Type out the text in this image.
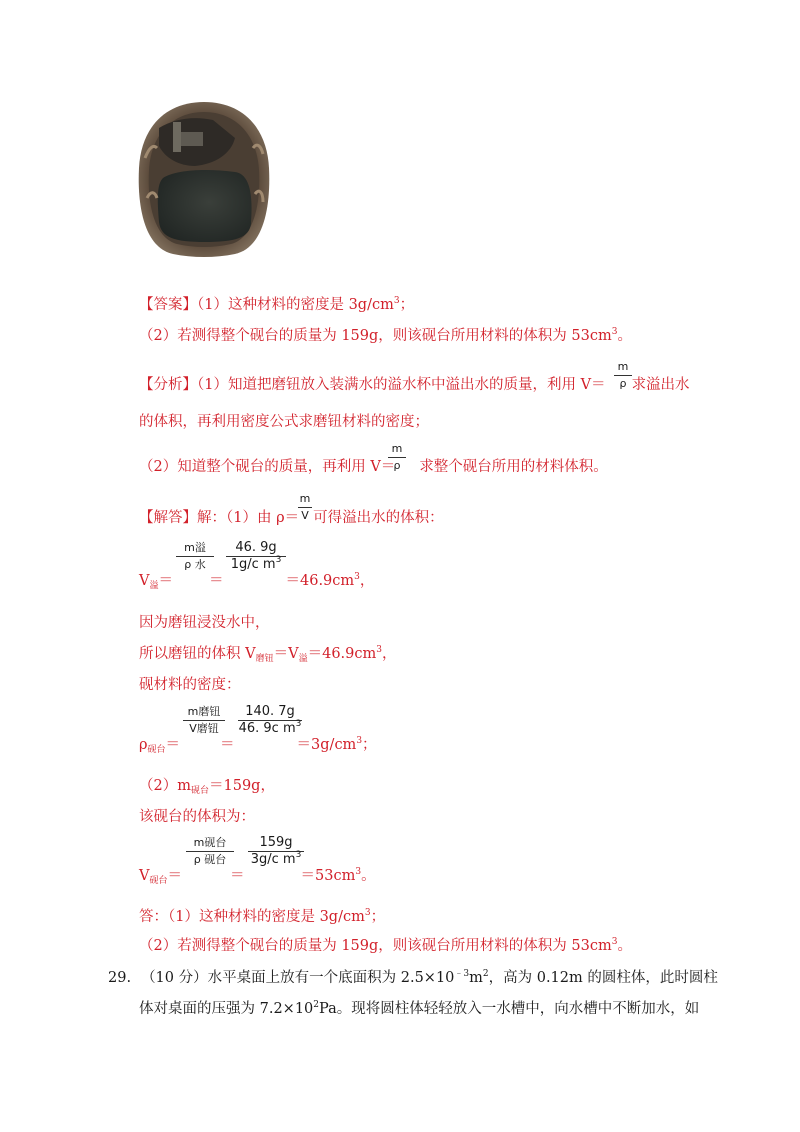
【答案】（1）这种材料的密度是 $3g/cm^3$；
（2）若测得整个砚台的质量为 159g，则该砚台所用材料的体积为 $53cm^3$。
【分析】（1）知道把磨钮放入装满水的溢水杯中溢出水的质量，利用 V＝ 求溢出水
m
ρ
的体积，再利用密度公式求磨钮材料的密度；
（2）知道整个砚台的质量，再利用 V＝ 求整个砚台所用的材料体积。
m
ρ
【解答】解：（1）由 ρ＝ 可得溢出水的体积：
m
V
$V_溢=$ ＝	$=46.9cm^3$，
m溢
ρ 水
46. 9g
1g/c $m^3$
因为磨钮浸没水中，
所以磨钮的体积 $V_{磨钮}=V_溢=46.9cm^3$，
砚材料的密度：
$\rho_{砚台}=$	＝	$=3g/cm^3$；
m磨钮
V磨钮
140. 7g
46. 9c $m^3$
$(2)m_{砚台}=159g$，
该砚台的体积为：
$V_{砚台}=$	＝	$=53cm^3$。
m砚台
ρ 砚台
159g
3g/c $m^3$
答：（1）这种材料的密度是 $3g/cm^3$；
（2）若测得整个砚台的质量为 159g，则该砚台所用材料的体积为 $53cm^3$。
29. （10 分）水平桌面上放有一个底面积为 $2.5\times 10^{﹣3}m^2$，高为 0.12m 的圆柱体，此时圆柱
体对桌面的压强为 $7.2\times 10^2Pa$。现将圆柱体轻轻放入一水槽中，向水槽中不断加水，如
